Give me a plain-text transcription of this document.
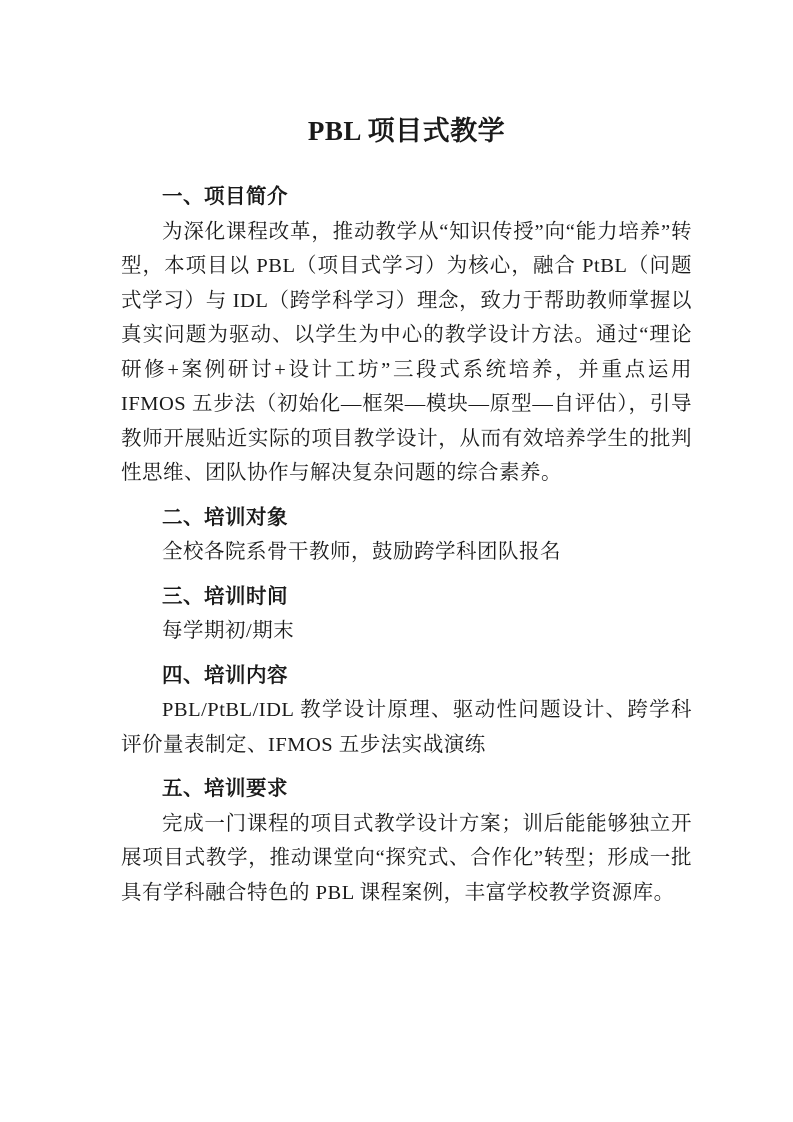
PBL 项目式教学
一、项目简介

为深化课程改革，推动教学从“知识传授”向“能力培养”转型，本项目以 PBL（项目式学习）为核心，融合 PtBL（问题式学习）与 IDL（跨学科学习）理念，致力于帮助教师掌握以真实问题为驱动、以学生为中心的教学设计方法。通过“理论研修+案例研讨+设计工坊”三段式系统培养，并重点运用 IFMOS 五步法（初始化—框架—模块—原型—自评估），引导教师开展贴近实际的项目教学设计，从而有效培养学生的批判性思维、团队协作与解决复杂问题的综合素养。

二、培训对象

全校各院系骨干教师，鼓励跨学科团队报名

三、培训时间

每学期初/期末

四、培训内容

PBL/PtBL/IDL 教学设计原理、驱动性问题设计、跨学科评价量表制定、IFMOS 五步法实战演练

五、培训要求

完成一门课程的项目式教学设计方案；训后能能够独立开展项目式教学，推动课堂向“探究式、合作化”转型；形成一批具有学科融合特色的 PBL 课程案例，丰富学校教学资源库。
